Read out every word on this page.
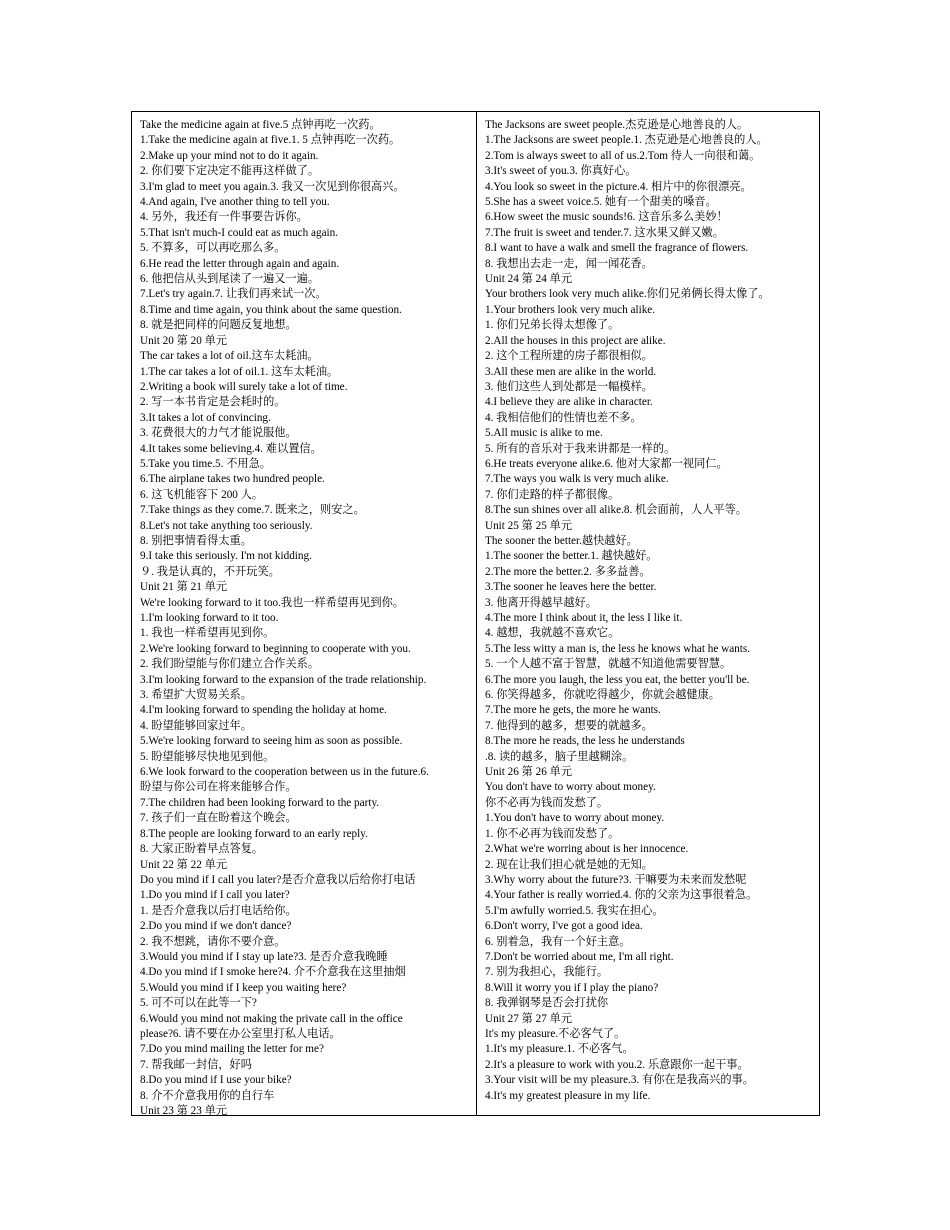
Take the medicine again at five.5 点钟再吃一次药。
1.Take the medicine again at five.1. 5 点钟再吃一次药。
2.Make up your mind not to do it again.
2. 你们要下定决定不能再这样做了。
3.I'm glad to meet you again.3. 我又一次见到你很高兴。
4.And again, I've another thing to tell you.
4. 另外，我还有一件事要告诉你。
5.That isn't much-I could eat as much again.
5. 不算多，可以再吃那么多。
6.He read the letter through again and again.
6. 他把信从头到尾读了一遍又一遍。
7.Let's try again.7. 让我们再来试一次。
8.Time and time again, you think about the same question.
8. 就是把同样的问题反复地想。
Unit 20 第 20 单元
The car takes a lot of oil.这车太耗油。
1.The car takes a lot of oil.1. 这车太耗油。
2.Writing a book will surely take a lot of time.
2. 写一本书肯定是会耗时的。
3.It takes a lot of convincing.
3. 花费很大的力气才能说服他。
4.It takes some believing.4. 难以置信。
5.Take you time.5. 不用急。
6.The airplane takes two hundred people.
6. 这飞机能容下 200 人。
7.Take things as they come.7. 既来之，则安之。
8.Let's not take anything too seriously.
8. 别把事情看得太重。
9.I take this seriously. I'm not kidding.
９. 我是认真的，不开玩笑。
Unit 21 第 21 单元
We're looking forward to it too.我也一样希望再见到你。
1.I'm looking forward to it too.
1. 我也一样希望再见到你。
2.We're looking forward to beginning to cooperate with you.
2. 我们盼望能与你们建立合作关系。
3.I'm looking forward to the expansion of the trade relationship.
3. 希望扩大贸易关系。
4.I'm looking forward to spending the holiday at home.
4. 盼望能够回家过年。
5.We're looking forward to seeing him as soon as possible.
5. 盼望能够尽快地见到他。
6.We look forward to the cooperation between us in the future.6.
盼望与你公司在将来能够合作。
7.The children had been looking forward to the party.
7. 孩子们一直在盼着这个晚会。
8.The people are looking forward to an early reply.
8. 大家正盼着早点答复。
Unit 22 第 22 单元
Do you mind if I call you later?是否介意我以后给你打电话
1.Do you mind if I call you later?
1. 是否介意我以后打电话给你。
2.Do you mind if we don't dance?
2. 我不想跳，请你不要介意。
3.Would you mind if I stay up late?3. 是否介意我晚睡
4.Do you mind if I smoke here?4. 介不介意我在这里抽烟
5.Would you mind if I keep you waiting here?
5. 可不可以在此等一下?
6.Would you mind not making the private call in the office
please?6. 请不要在办公室里打私人电话。
7.Do you mind mailing the letter for me?
7. 帮我邮一封信，好吗
8.Do you mind if I use your bike?
8. 介不介意我用你的自行车
Unit 23 第 23 单元
The Jacksons are sweet people.杰克逊是心地善良的人。
1.The Jacksons are sweet people.1. 杰克逊是心地善良的人。
2.Tom is always sweet to all of us.2.Tom 待人一向很和蔼。
3.It's sweet of you.3. 你真好心。
4.You look so sweet in the picture.4. 相片中的你很漂亮。
5.She has a sweet voice.5. 她有一个甜美的嗓音。
6.How sweet the music sounds!6. 这音乐多么美妙！
7.The fruit is sweet and tender.7. 这水果又鲜又嫩。
8.I want to have a walk and smell the fragrance of flowers.
8. 我想出去走一走，闻一闻花香。
Unit 24 第 24 单元
Your brothers look very much alike.你们兄弟俩长得太像了。
1.Your brothers look very much alike.
1. 你们兄弟长得太想像了。
2.All the houses in this project are alike.
2. 这个工程所建的房子都很相似。
3.All these men are alike in the world.
3. 他们这些人到处都是一幅模样。
4.I believe they are alike in character.
4. 我相信他们的性情也差不多。
5.All music is alike to me.
5. 所有的音乐对于我来讲都是一样的。
6.He treats everyone alike.6. 他对大家都一视同仁。
7.The ways you walk is very much alike.
7. 你们走路的样子都很像。
8.The sun shines over all alike.8. 机会面前，人人平等。
Unit 25 第 25 单元
The sooner the better.越快越好。
1.The sooner the better.1. 越快越好。
2.The more the better.2. 多多益善。
3.The sooner he leaves here the better.
3. 他离开得越早越好。
4.The more I think about it, the less I like it.
4. 越想，我就越不喜欢它。
5.The less witty a man is, the less he knows what he wants.
5. 一个人越不富于智慧，就越不知道他需要智慧。
6.The more you laugh, the less you eat, the better you'll be.
6. 你笑得越多，你就吃得越少，你就会越健康。
7.The more he gets, the more he wants.
7. 他得到的越多，想要的就越多。
8.The more he reads, the less he understands
.8. 读的越多，脑子里越糊涂。
Unit 26 第 26 单元
You don't have to worry about money.
你不必再为钱而发愁了。
1.You don't have to worry about money.
1. 你不必再为钱而发愁了。
2.What we're worring about is her innocence.
2. 现在让我们担心就是她的无知。
3.Why worry about the future?3. 干嘛要为未来而发愁呢
4.Your father is really worried.4. 你的父亲为这事很着急。
5.I'm awfully worried.5. 我实在担心。
6.Don't worry, I've got a good idea.
6. 别着急，我有一个好主意。
7.Don't be worried about me, I'm all right.
7. 别为我担心，我能行。
8.Will it worry you if I play the piano?
8. 我弹钢琴是否会打扰你
Unit 27 第 27 单元
It's my pleasure.不必客气了。
1.It's my pleasure.1. 不必客气。
2.It's a pleasure to work with you.2. 乐意跟你一起干事。
3.Your visit will be my pleasure.3. 有你在是我高兴的事。
4.It's my greatest pleasure in my life.
